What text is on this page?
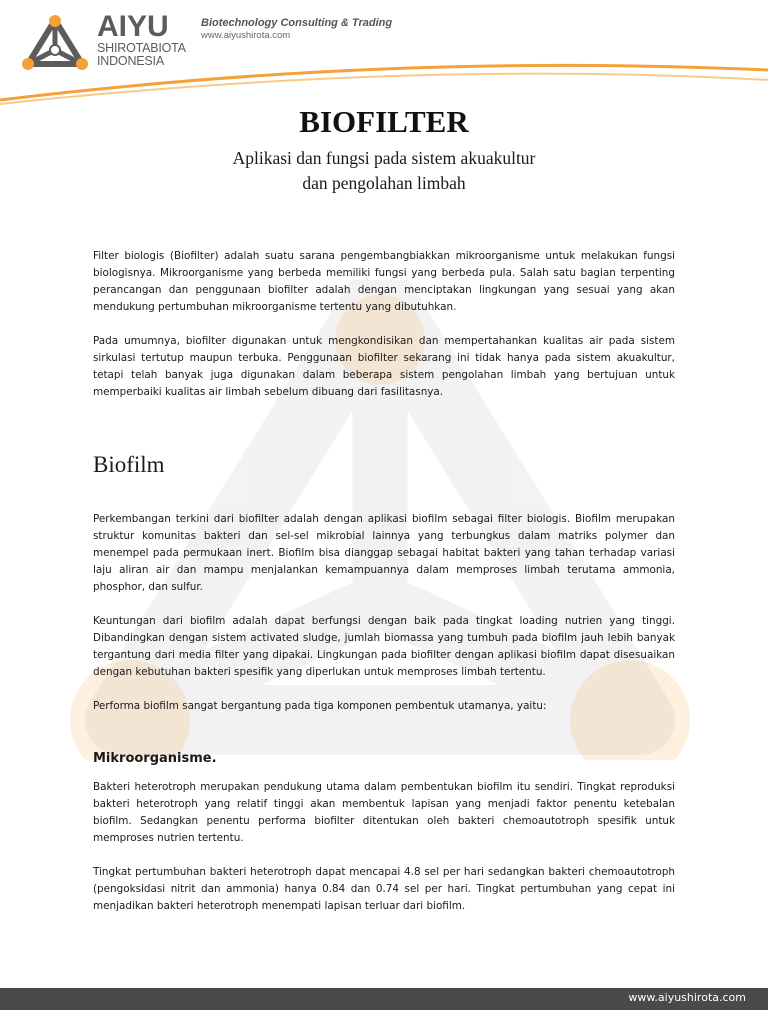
AIYU
SHIROTABIOTA
INDONESIA
Biotechnology Consulting & Trading
www.aiyushirota.com
BIOFILTER
Aplikasi dan fungsi pada sistem akuakultur
dan pengolahan limbah

Filter biologis (Biofilter) adalah suatu sarana pengembangbiakkan mikroorganisme untuk melakukan fungsi biologisnya. Mikroorganisme yang berbeda memiliki fungsi yang berbeda pula. Salah satu bagian terpenting perancangan dan penggunaan biofilter adalah dengan menciptakan lingkungan yang sesuai yang akan mendukung pertumbuhan mikroorganisme tertentu yang dibutuhkan.

Pada umumnya, biofilter digunakan untuk mengkondisikan dan mempertahankan kualitas air pada sistem sirkulasi tertutup maupun terbuka. Penggunaan biofilter sekarang ini tidak hanya pada sistem akuakultur, tetapi telah banyak juga digunakan dalam beberapa sistem pengolahan limbah yang bertujuan untuk memperbaiki kualitas air limbah sebelum dibuang dari fasilitasnya.

Biofilm

Perkembangan terkini dari biofilter adalah dengan aplikasi biofilm sebagai filter biologis. Biofilm merupakan struktur komunitas bakteri dan sel-sel mikrobial lainnya yang terbungkus dalam matriks polymer dan menempel pada permukaan inert. Biofilm bisa dianggap sebagai habitat bakteri yang tahan terhadap variasi laju aliran air dan mampu menjalankan kemampuannya dalam memproses limbah terutama ammonia, phosphor, dan sulfur.

Keuntungan dari biofilm adalah dapat berfungsi dengan baik pada tingkat loading nutrien yang tinggi. Dibandingkan dengan sistem activated sludge, jumlah biomassa yang tumbuh pada biofilm jauh lebih banyak tergantung dari media filter yang dipakai. Lingkungan pada biofilter dengan aplikasi biofilm dapat disesuaikan dengan kebutuhan bakteri spesifik yang diperlukan untuk memproses limbah tertentu.

Performa biofilm sangat bergantung pada tiga komponen pembentuk utamanya, yaitu:

Mikroorganisme.

Bakteri heterotroph merupakan pendukung utama dalam pembentukan biofilm itu sendiri. Tingkat reproduksi bakteri heterotroph yang relatif tinggi akan membentuk lapisan yang menjadi faktor penentu ketebalan biofilm. Sedangkan penentu performa biofilter ditentukan oleh bakteri chemoautotroph spesifik untuk memproses nutrien tertentu.

Tingkat pertumbuhan bakteri heterotroph dapat mencapai 4.8 sel per hari sedangkan bakteri chemoautotroph (pengoksidasi nitrit dan ammonia) hanya 0.84 dan 0.74 sel per hari. Tingkat pertumbuhan yang cepat ini menjadikan bakteri heterotroph menempati lapisan terluar dari biofilm.

www.aiyushirota.com
